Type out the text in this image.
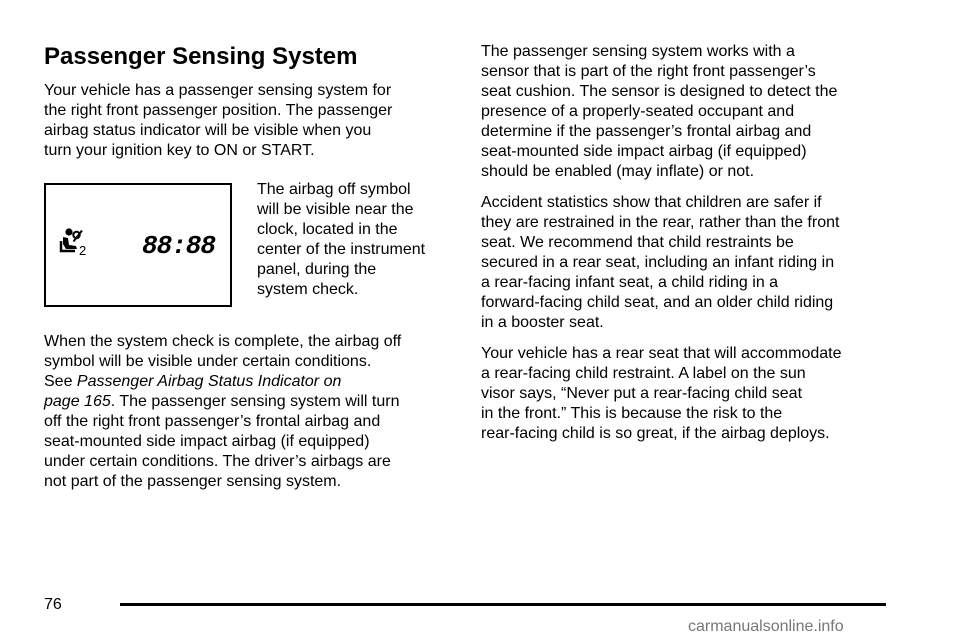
Passenger Sensing System
Your vehicle has a passenger sensing system for
the right front passenger position. The passenger
airbag status indicator will be visible when you
turn your ignition key to ON or START.
2 88:88
The airbag off symbol
will be visible near the
clock, located in the
center of the instrument
panel, during the
system check.
When the system check is complete, the airbag off
symbol will be visible under certain conditions.
See Passenger Airbag Status Indicator on
page 165. The passenger sensing system will turn
off the right front passenger’s frontal airbag and
seat-mounted side impact airbag (if equipped)
under certain conditions. The driver’s airbags are
not part of the passenger sensing system.
The passenger sensing system works with a
sensor that is part of the right front passenger’s
seat cushion. The sensor is designed to detect the
presence of a properly-seated occupant and
determine if the passenger’s frontal airbag and
seat-mounted side impact airbag (if equipped)
should be enabled (may inflate) or not.
Accident statistics show that children are safer if
they are restrained in the rear, rather than the front
seat. We recommend that child restraints be
secured in a rear seat, including an infant riding in
a rear-facing infant seat, a child riding in a
forward-facing child seat, and an older child riding
in a booster seat.
Your vehicle has a rear seat that will accommodate
a rear-facing child restraint. A label on the sun
visor says, “Never put a rear-facing child seat
in the front.” This is because the risk to the
rear-facing child is so great, if the airbag deploys.
76
carmanualsonline.info
